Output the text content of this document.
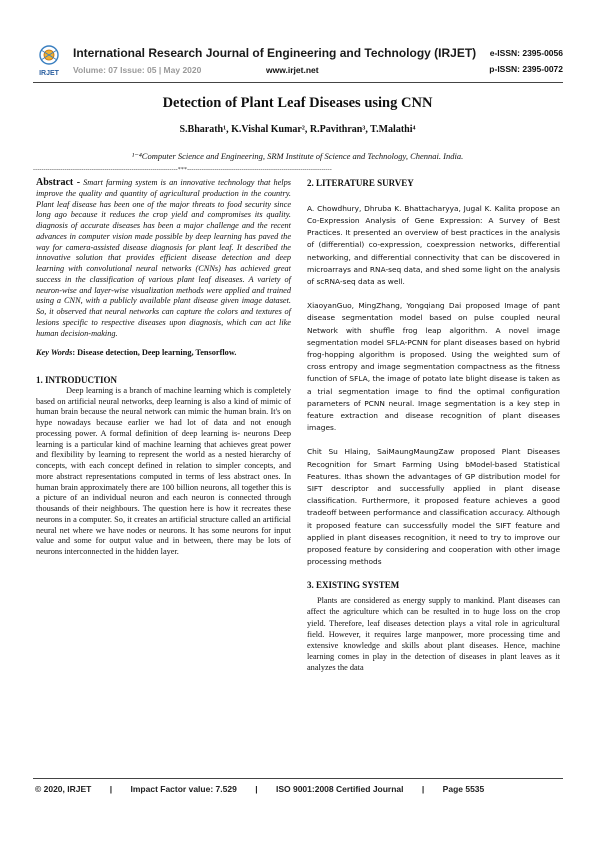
IRJET
International Research Journal of Engineering and Technology (IRJET) e-ISSN: 2395-0056
Volume: 07 Issue: 05 | May 2020	www.irjet.net	p-ISSN: 2395-0072
Detection of Plant Leaf Diseases using CNN
S.Bharath¹, K.Vishal Kumar², R.Pavithran³, T.Malathi⁴
¹⁻⁴Computer Science and Engineering, SRM Institute of Science and Technology, Chennai. India.
---------------------------------------------------------------------***---------------------------------------------------------------------

Abstract - Smart farming system is an innovative technology that helps improve the quality and quantity of agricultural production in the country. Plant leaf disease has been one of the major threats to food security since long ago because it reduces the crop yield and compromises its quality. diagnosis of accurate diseases has been a major challenge and the recent advances in computer vision made possible by deep learning has paved the way for camera-assisted disease diagnosis for plant leaf. It described the innovative solution that provides efficient disease detection and deep learning with convolutional neural networks (CNNs) has achieved great success in the classification of various plant leaf diseases. A variety of neuron-wise and layer-wise visualization methods were applied and trained using a CNN, with a publicly available plant disease given image dataset. So, it observed that neural networks can capture the colors and textures of lesions specific to respective diseases upon diagnosis, which can act like human decision-making.

Key Words: Disease detection, Deep learning, Tensorflow.

1. INTRODUCTION

Deep learning is a branch of machine learning which is completely based on artificial neural networks, deep learning is also a kind of mimic of human brain because the neural network can mimic the human brain. It's on hype nowadays because earlier we had lot of data and not enough processing power. A formal definition of deep learning is- neurons Deep learning is a particular kind of machine learning that achieves great power and flexibility by learning to represent the world as a nested hierarchy of concepts, with each concept defined in relation to simpler concepts, and more abstract representations computed in terms of less abstract ones. In human brain approximately there are 100 billion neurons, all together this is a picture of an individual neuron and each neuron is connected through thousands of their neighbours. The question here is how it recreates these neurons in a computer. So, it creates an artificial structure called an artificial neural net where we have nodes or neurons. It has some neurons for input value and some for output value and in between, there may be lots of neurons interconnected in the hidden layer.

2. LITERATURE SURVEY

A. Chowdhury, Dhruba K. Bhattacharyya, Jugal K. Kalita propose an Co-Expression Analysis of Gene Expression: A Survey of Best Practices. It presented an overview of best practices in the analysis of (differential) co-expression, coexpression networks, differential networking, and differential connectivity that can be discovered in microarrays and RNA-seq data, and shed some light on the analysis of scRNA-seq data as well.

XiaoyanGuo, MingZhang, Yongqiang Dai proposed Image of pant disease segmentation model based on pulse coupled neural Network with shuffle frog leap algorithm. A novel image segmentation model SFLA-PCNN for plant diseases based on hybrid frog-hopping algorithm is proposed. Using the weighted sum of cross entropy and image segmentation compactness as the fitness function of SFLA, the image of potato late blight disease is taken as a trial segmentation image to find the optimal configuration parameters of PCNN neural. Image segmentation is a key step in feature extraction and disease recognition of plant diseases images.

Chit Su Hlaing, SaiMaungMaungZaw proposed Plant Diseases Recognition for Smart Farming Using bModel-based Statistical Features. Ithas shown the advantages of GP distribution model for SIFT descriptor and successfully applied in plant disease classification. Furthermore, it proposed feature achieves a good tradeoff between performance and classification accuracy. Although it proposed feature can successfully model the SIFT feature and applied in plant diseases recognition, it need to try to improve our proposed feature by considering and cooperation with other image processing methods

3. EXISTING SYSTEM

Plants are considered as energy supply to mankind. Plant diseases can affect the agriculture which can be resulted in to huge loss on the crop yield. Therefore, leaf diseases detection plays a vital role in agricultural field. However, it requires large manpower, more processing time and extensive knowledge and skills about plant diseases. Hence, machine learning comes in play in the detection of diseases in plant leaves as it analyzes the data

© 2020, IRJET | Impact Factor value: 7.529 | ISO 9001:2008 Certified Journal | Page 5535
